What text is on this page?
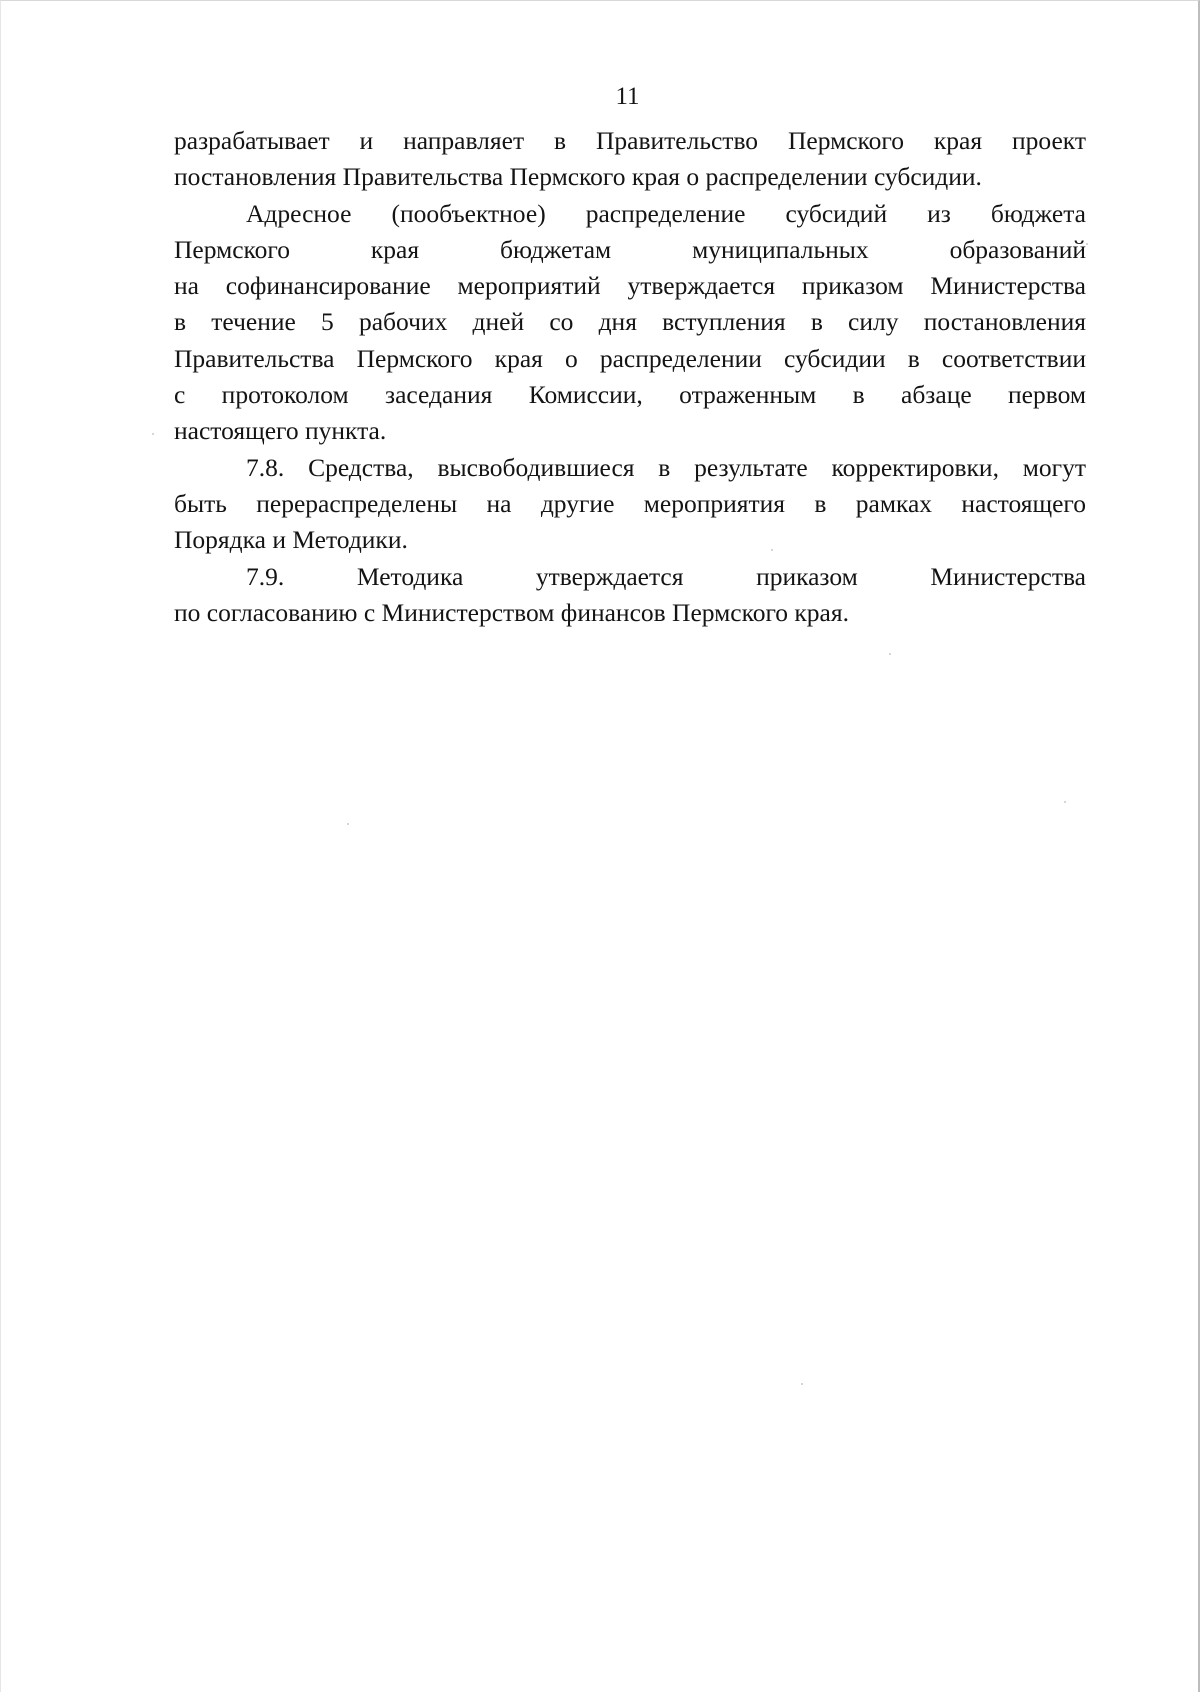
11

разрабатывает и направляет в Правительство Пермского края проект
постановления Правительства Пермского края о распределении субсидии.

Адресное (пообъектное) распределение субсидий из бюджета
Пермского края бюджетам муниципальных образований
на софинансирование мероприятий утверждается приказом Министерства
в течение 5 рабочих дней со дня вступления в силу постановления
Правительства Пермского края о распределении субсидии в соответствии
с протоколом заседания Комиссии, отраженным в абзаце первом
настоящего пункта.

7.8. Средства, высвободившиеся в результате корректировки, могут
быть перераспределены на другие мероприятия в рамках настоящего
Порядка и Методики.

7.9. Методика утверждается приказом Министерства
по согласованию с Министерством финансов Пермского края.
